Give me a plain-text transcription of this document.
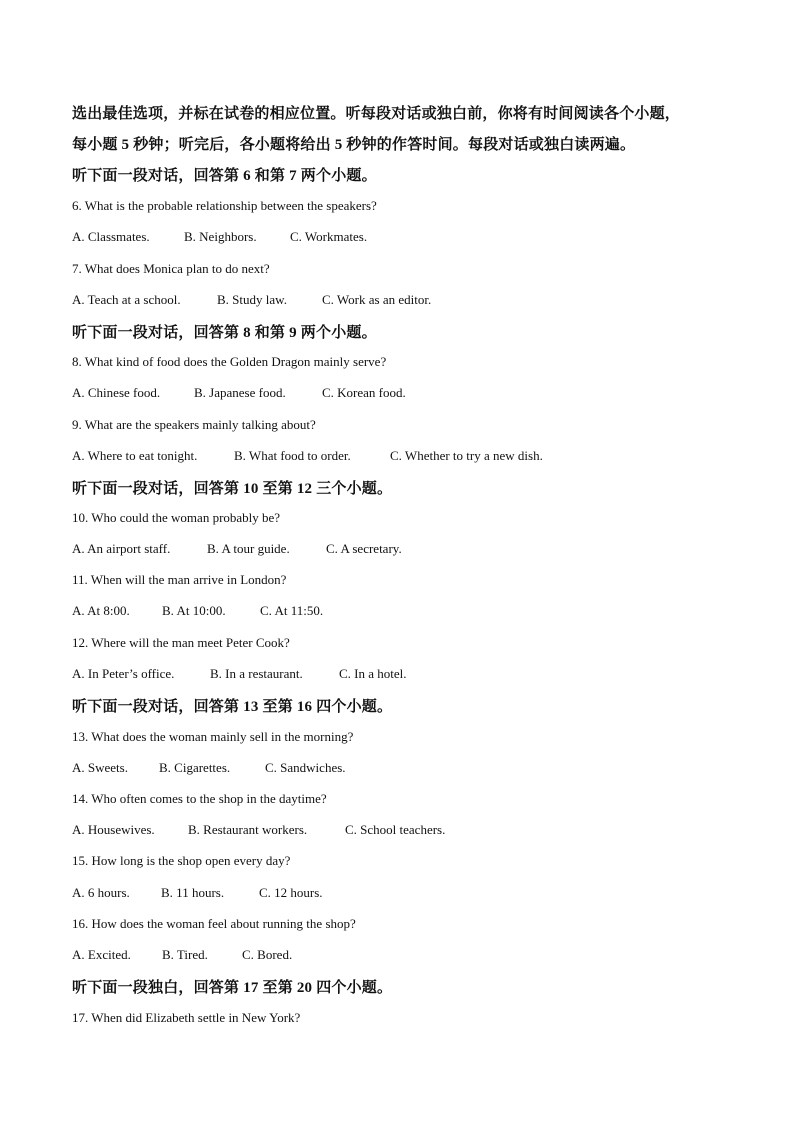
选出最佳选项，并标在试卷的相应位置。听每段对话或独白前，你将有时间阅读各个小题，
每小题 5 秒钟；听完后，各小题将给出 5 秒钟的作答时间。每段对话或独白读两遍。
听下面一段对话，回答第 6 和第 7 两个小题。
6. What is the probable relationship between the speakers?
A. Classmates.	B. Neighbors.	C. Workmates.
7. What does Monica plan to do next?
A. Teach at a school.	B. Study law.	C. Work as an editor.
听下面一段对话，回答第 8 和第 9 两个小题。
8. What kind of food does the Golden Dragon mainly serve?
A. Chinese food.	B. Japanese food.	C. Korean food.
9. What are the speakers mainly talking about?
A. Where to eat tonight.	B. What food to order.	C. Whether to try a new dish.
听下面一段对话，回答第 10 至第 12 三个小题。
10. Who could the woman probably be?
A. An airport staff.	B. A tour guide.	C. A secretary.
11. When will the man arrive in London?
A. At 8:00.	B. At 10:00.	C. At 11:50.
12. Where will the man meet Peter Cook?
A. In Peter’s office.	B. In a restaurant.	C. In a hotel.
听下面一段对话，回答第 13 至第 16 四个小题。
13. What does the woman mainly sell in the morning?
A. Sweets.	B. Cigarettes.	C. Sandwiches.
14. Who often comes to the shop in the daytime?
A. Housewives.	B. Restaurant workers.	C. School teachers.
15. How long is the shop open every day?
A. 6 hours.	B. 11 hours.	C. 12 hours.
16. How does the woman feel about running the shop?
A. Excited.	B. Tired.	C. Bored.
听下面一段独白，回答第 17 至第 20 四个小题。
17. When did Elizabeth settle in New York?
